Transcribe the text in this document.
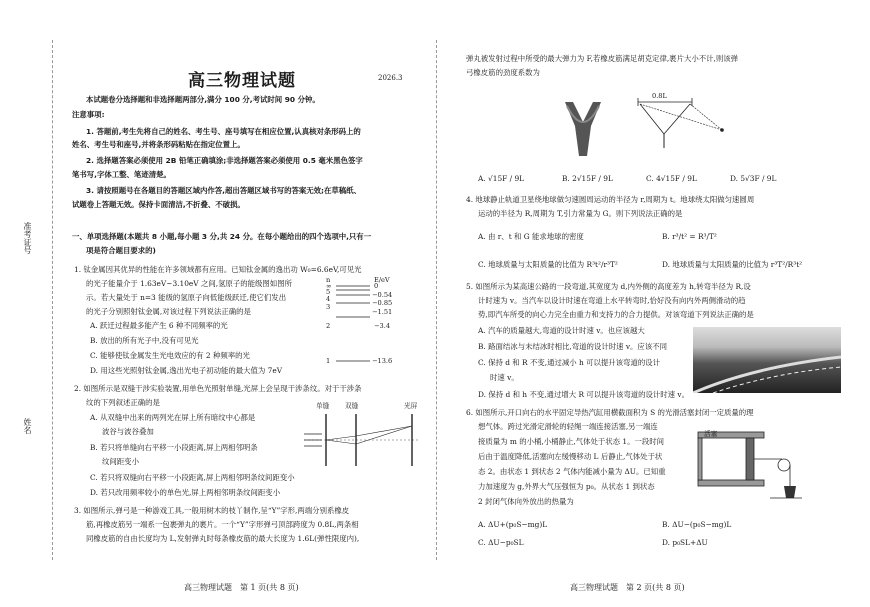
准考证号
姓名
高三物理试题	2026.3
本试题卷分选择题和非选择题两部分,满分 100 分,考试时间 90 分钟。
注意事项:
1. 答题前,考生先将自己的姓名、考生号、座号填写在相应位置,认真核对条形码上的
姓名、考生号和座号,并将条形码粘贴在指定位置上。
2. 选择题答案必须使用 2B 铅笔正确填涂;非选择题答案必须使用 0.5 毫米黑色签字
笔书写,字体工整、笔迹清楚。
3. 请按照题号在各题目的答题区域内作答,超出答题区域书写的答案无效;在草稿纸、
试题卷上答题无效。保持卡面清洁,不折叠、不破损。
一、单项选择题(本题共 8 小题,每小题 3 分,共 24 分。在每小题给出的四个选项中,只有一
项是符合题目要求的)
1. 钛金属因其优异的性能在许多领域都有应用。已知钛金属的逸出功 W₀=6.6eV,可见光
的光子能量介于 1.63eV~3.10eV 之间,氢原子的能级图如图所
示。若大量处于 n=3 能级的氢原子向低能级跃迁,使它们发出
的光子分别照射钛金属,对该过程下列说法正确的是
A. 跃迁过程最多能产生 6 种不同频率的光
B. 放出的所有光子中,没有可见光
C. 能够使钛金属发生光电效应的有 2 种频率的光
D. 用这些光照射钛金属,逸出光电子初动能的最大值为 7eV
n	E/eV
∞	0
5	−0.54
4	−0.85
3
−1.51
2	−3.4
1	−13.6
2. 如图所示是双缝干涉实验装置,用单色光照射单缝,光屏上会呈现干涉条纹。对于干涉条
纹的下列叙述正确的是
A. 从双缝中出来的两列光在屏上所有暗纹中心都是
波谷与波谷叠加
B. 若只将单缝向右平移一小段距离,屏上两相邻明条
纹间距变小
C. 若只将双缝向右平移一小段距离,屏上两相邻明条纹间距变小
D. 若只改用频率较小的单色光,屏上两相邻明条纹间距变小
单缝 双缝	光屏
3. 如图所示,弹弓是一种游戏工具,一般用树木的枝丫制作,呈“Y”字形,两端分别系橡皮
筋,再橡皮筋另一端系一包裹弹丸的裹片。一个“Y”字形弹弓顶部跨度为 0.8L,两条相
同橡皮筋的自由长度均为 L,发射弹丸时每条橡皮筋的最大长度为 1.6L(弹性限度内),
高三物理试题　第 1 页(共 8 页)
弹丸被发射过程中所受的最大弹力为 F,若橡皮筋满足胡克定律,裹片大小不计,则该弹
弓橡皮筋的劲度系数为
0.8L
A. √15F / 9L	B. 2√15F / 9L	C. 4√15F / 9L	D. 5√3F / 9L
4. 地球静止轨道卫星绕地球做匀速圆周运动的半径为 r,周期为 t。地球绕太阳做匀速圆周
运动的半径为 R,周期为 T,引力常量为 G。则下列说法正确的是
A. 由 r、t 和 G 能求地球的密度	B. r³/t² = R³/T²
C. 地球质量与太阳质量的比值为 R³t²/r³T²	D. 地球质量与太阳质量的比值为 r³T²/R³t²
5. 如图所示为某高速公路的一段弯道,其宽度为 d,内外侧的高度差为 h,转弯半径为 R,设
计时速为 v。当汽车以设计时速在弯道上水平转弯时,恰好没有向内外两侧滑动的趋
势,即汽车所受的向心力完全由重力和支持力的合力提供。对该弯道下列说法正确的是
A. 汽车的质量越大,弯道的设计时速 v。也应该越大
B. 路面结冰与未结冰时相比,弯道的设计时速 v。应该不同
C. 保持 d 和 R 不变,通过减小 h 可以提升该弯道的设计
时速 v。
D. 保持 d 和 h 不变,通过增大 R 可以提升该弯道的设计时速 v。
6. 如图所示,开口向右的水平固定导热汽缸用横截面积为 S 的光滑活塞封闭一定质量的理
想气体。跨过光滑定滑轮的轻绳一端连接活塞,另一端连
接质量为 m 的小桶,小桶静止,气体处于状态 1。一段时间
后由于温度降低,活塞向左缓慢移动 L 后静止,气体处于状
态 2。由状态 1 到状态 2 气体内能减小量为 ΔU。已知重
力加速度为 g,外界大气压强恒为 p₀。从状态 1 到状态
2 封闭气体向外放出的热量为
活塞
A. ΔU+(p₀S−mg)L	B. ΔU−(p₀S−mg)L
C. ΔU−p₀SL	D. p₀SL+ΔU
高三物理试题　第 2 页(共 8 页)
